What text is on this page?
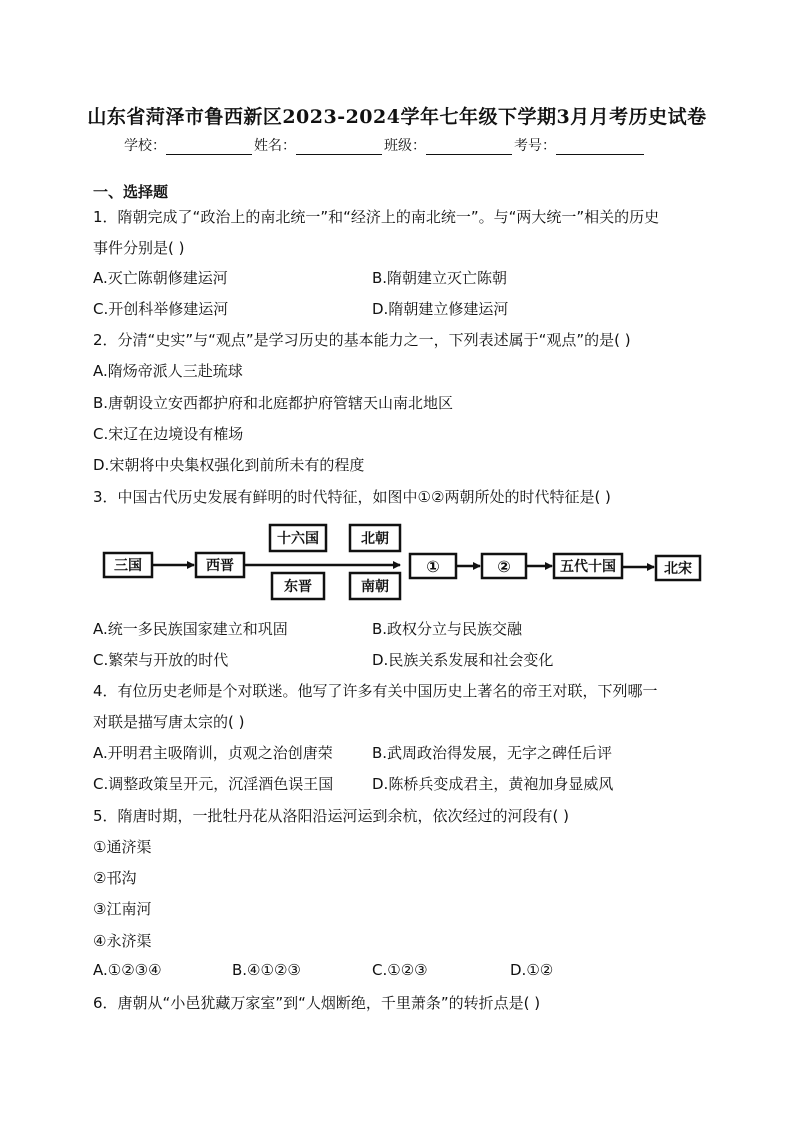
山东省菏泽市鲁西新区2023-2024学年七年级下学期3月月考历史试卷
学校：	姓名：	班级：	考号：
一、选择题
1．隋朝完成了“政治上的南北统一”和“经济上的南北统一”。与“两大统一”相关的历史
事件分别是( )
A.灭亡陈朝修建运河	B.隋朝建立灭亡陈朝
C.开创科举修建运河	D.隋朝建立修建运河
2．分清“史实”与“观点”是学习历史的基本能力之一，下列表述属于“观点”的是( )
A.隋炀帝派人三赴琉球
B.唐朝设立安西都护府和北庭都护府管辖天山南北地区
C.宋辽在边境设有榷场
D.宋朝将中央集权强化到前所未有的程度
3．中国古代历史发展有鲜明的时代特征，如图中①②两朝所处的时代特征是( )
三国	西晋
十六国
东晋
北朝
南朝
①	②	五代十国	北宋
A.统一多民族国家建立和巩固	B.政权分立与民族交融
C.繁荣与开放的时代	D.民族关系发展和社会变化
4．有位历史老师是个对联迷。他写了许多有关中国历史上著名的帝王对联，下列哪一
对联是描写唐太宗的( )
A.开明君主吸隋训，贞观之治创唐荣	B.武周政治得发展，无字之碑任后评
C.调整政策呈开元，沉淫酒色误王国	D.陈桥兵变成君主，黄袍加身显威风
5．隋唐时期，一批牡丹花从洛阳沿运河运到余杭，依次经过的河段有( )
①通济渠
②邗沟
③江南河
④永济渠
A.①②③④	B.④①②③	C.①②③	D.①②
6．唐朝从“小邑犹藏万家室”到“人烟断绝，千里萧条”的转折点是( )
